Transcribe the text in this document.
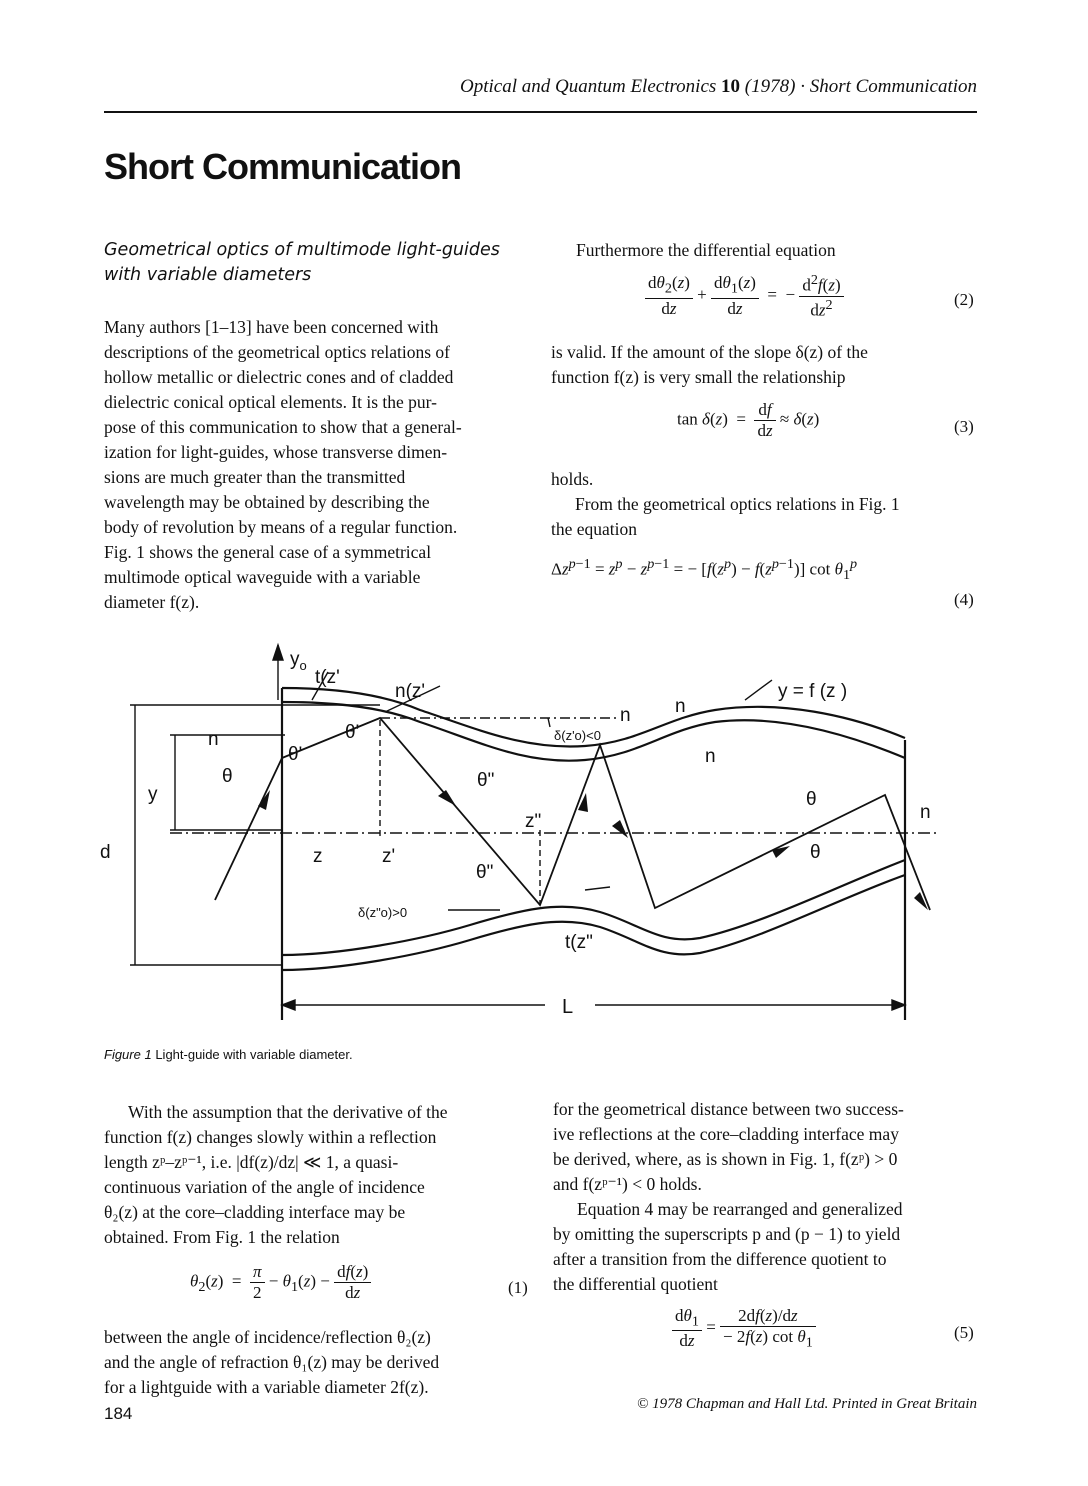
Optical and Quantum Electronics 10 (1978) · Short Communication
Short Communication
Geometrical optics of multimode light-guides with variable diameters

Many authors [1–13] have been concerned with

descriptions of the geometrical optics relations of

hollow metallic or dielectric cones and of cladded

dielectric conical optical elements. It is the pur-

pose of this communication to show that a general-

ization for light-guides, whose transverse dimen-

sions are much greater than the transmitted

wavelength may be obtained by describing the

body of revolution by means of a regular function.

Fig. 1 shows the general case of a symmetrical

multimode optical waveguide with a variable

diameter f(z).

Furthermore the differential equation
$\frac{d\theta_2(z)}{dz} + \frac{d\theta_1(z)}{dz}$ =  − $\frac{d^2f(z)}{dz^2}$	(2)

is valid. If the amount of the slope δ(z) of the

function f(z) is very small the relationship

$\tan \delta(z) = \frac{df}{dz} \approx \delta(z)$	(3)
holds.

From the geometrical optics relations in Fig. 1

the equation

$\Delta z^{p-1} = z^p - z^{p-1}$ = − $[f(z^p) - f(z^{p-1})]$ $\cot \theta_1^p$
(4)
$y_o$
t(z'
n(z'
n
n n
n
n
y
d
θ
θ'
θ'
θ"
θ"
θ
θ
z	z'
z"
δ(z'o)<0
δ(z"o)>0
t(z"
y = f (z )
L
Figure 1 Light-guide with variable diameter.

With the assumption that the derivative of the

function f(z) changes slowly within a reflection

length zᵖ–zᵖ⁻¹, i.e. |df(z)/dz| ≪ 1, a quasi-

continuous variation of the angle of incidence

θ₂(z) at the core–cladding interface may be

obtained. From Fig. 1 the relation

$\theta_2(z) = \frac{\pi}{2} - \theta_1(z) - \frac{df(z)}{dz}$	(1)

between the angle of incidence/reflection θ₂(z)

and the angle of refraction θ₁(z) may be derived

for a lightguide with a variable diameter 2f(z).

for the geometrical distance between two success-

ive reflections at the core–cladding interface may

be derived, where, as is shown in Fig. 1, f(zᵖ) > 0

and f(zᵖ⁻¹) < 0 holds.

Equation 4 may be rearranged and generalized

by omitting the superscripts p and (p − 1) to yield

after a transition from the difference quotient to

the differential quotient

$\frac{d\theta_1}{dz} = \frac{2df(z)/dz}{- 2f(z) \cot \theta_1}$	(5)
184	© 1978 Chapman and Hall Ltd. Printed in Great Britain
